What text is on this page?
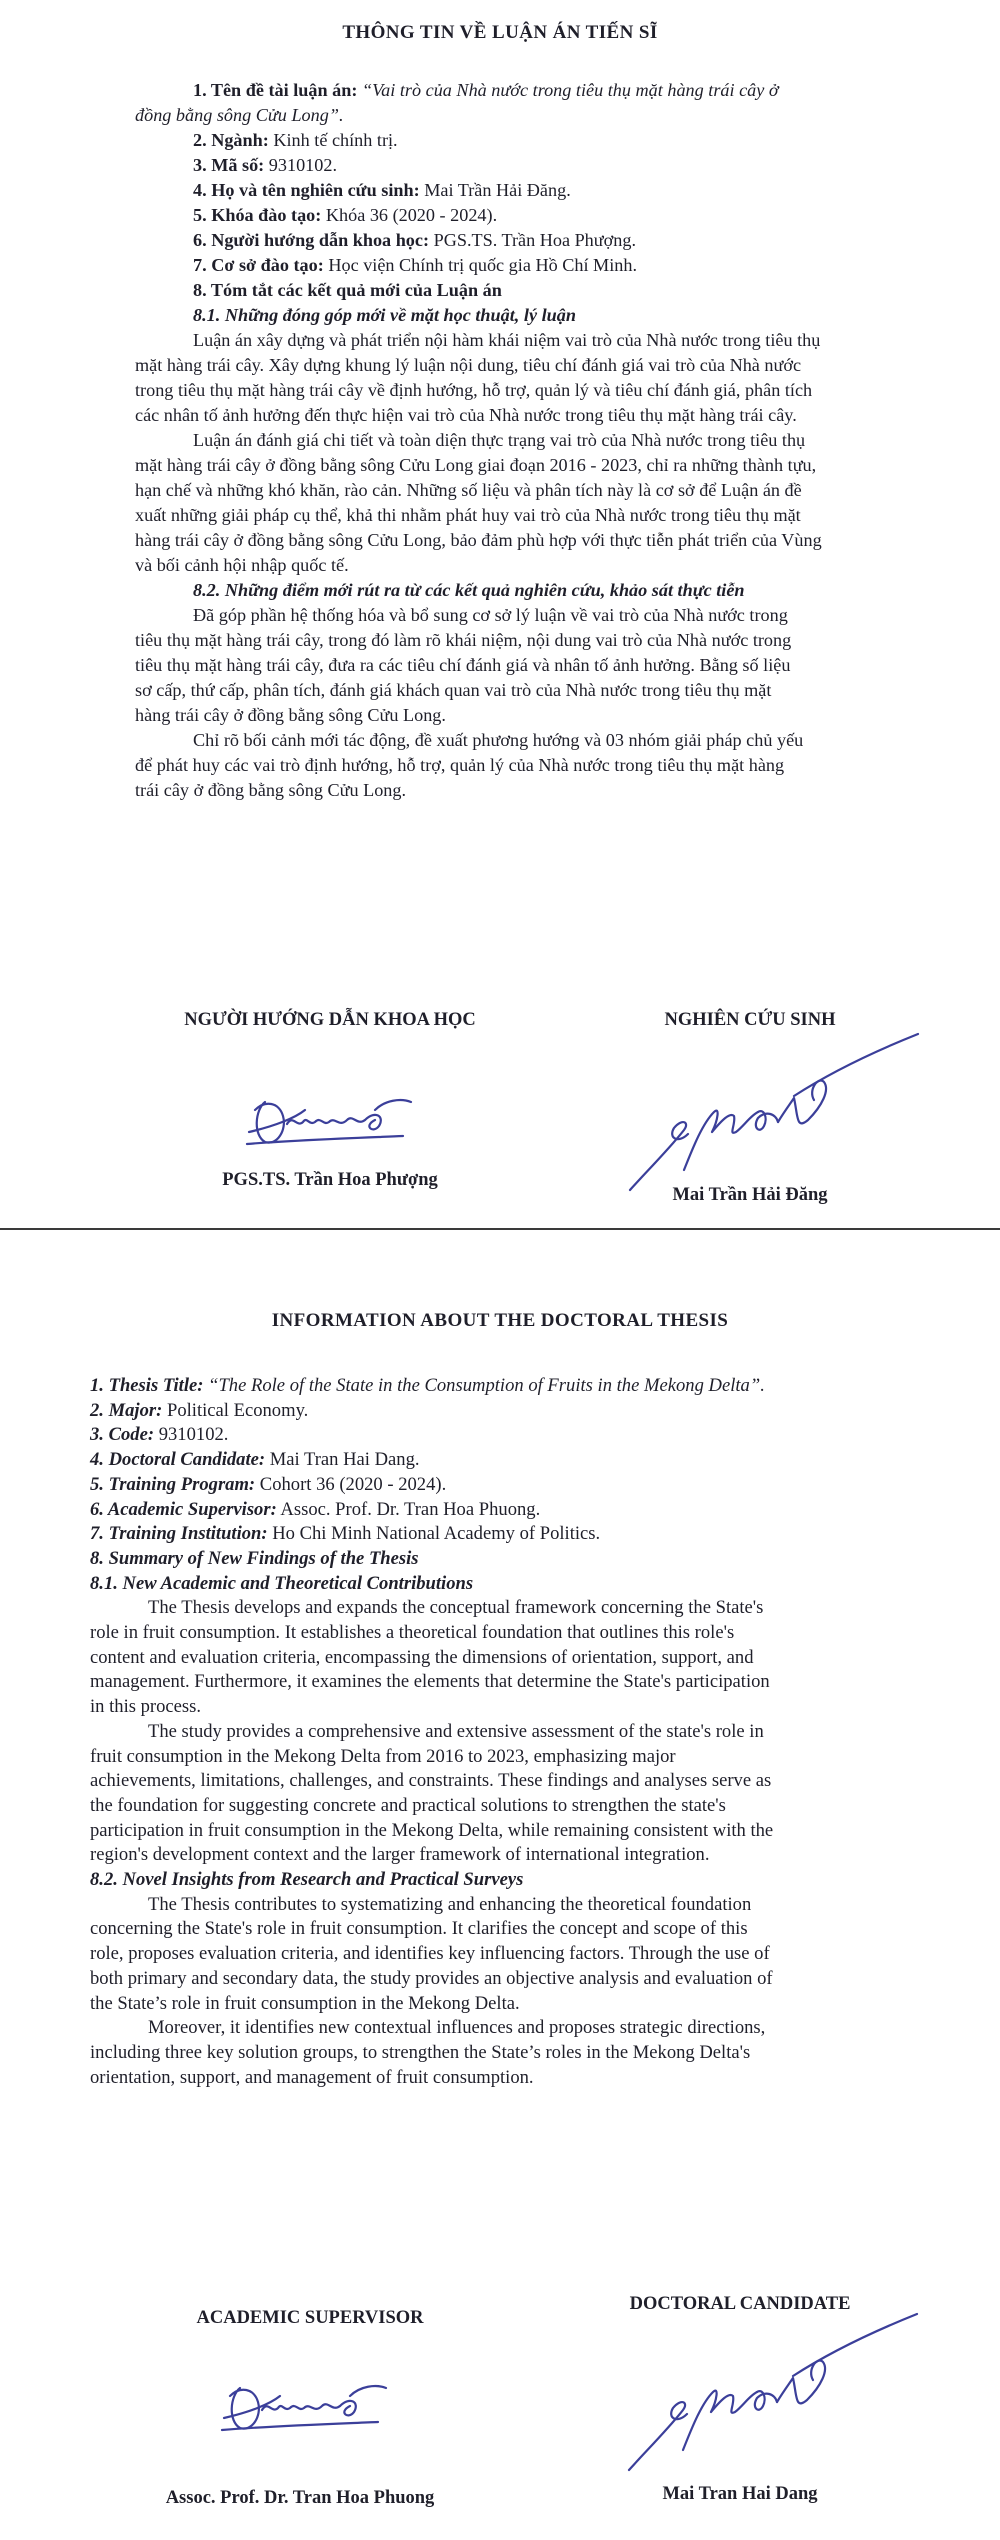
THÔNG TIN VỀ LUẬN ÁN TIẾN SĨ

1. Tên đề tài luận án: “Vai trò của Nhà nước trong tiêu thụ mặt hàng trái cây ở

đồng bằng sông Cửu Long”.

2. Ngành: Kinh tế chính trị.

3. Mã số: 9310102.

4. Họ và tên nghiên cứu sinh: Mai Trần Hải Đăng.

5. Khóa đào tạo: Khóa 36 (2020 - 2024).

6. Người hướng dẫn khoa học: PGS.TS. Trần Hoa Phượng.

7. Cơ sở đào tạo: Học viện Chính trị quốc gia Hồ Chí Minh.

8. Tóm tắt các kết quả mới của Luận án

8.1. Những đóng góp mới về mặt học thuật, lý luận

Luận án xây dựng và phát triển nội hàm khái niệm vai trò của Nhà nước trong tiêu thụ

mặt hàng trái cây. Xây dựng khung lý luận nội dung, tiêu chí đánh giá vai trò của Nhà nước

trong tiêu thụ mặt hàng trái cây về định hướng, hỗ trợ, quản lý và tiêu chí đánh giá, phân tích

các nhân tố ảnh hưởng đến thực hiện vai trò của Nhà nước trong tiêu thụ mặt hàng trái cây.

Luận án đánh giá chi tiết và toàn diện thực trạng vai trò của Nhà nước trong tiêu thụ

mặt hàng trái cây ở đồng bằng sông Cửu Long giai đoạn 2016 - 2023, chỉ ra những thành tựu,

hạn chế và những khó khăn, rào cản. Những số liệu và phân tích này là cơ sở để Luận án đề

xuất những giải pháp cụ thể, khả thi nhằm phát huy vai trò của Nhà nước trong tiêu thụ mặt

hàng trái cây ở đồng bằng sông Cửu Long, bảo đảm phù hợp với thực tiễn phát triển của Vùng

và bối cảnh hội nhập quốc tế.

8.2. Những điểm mới rút ra từ các kết quả nghiên cứu, khảo sát thực tiễn

Đã góp phần hệ thống hóa và bổ sung cơ sở lý luận về vai trò của Nhà nước trong

tiêu thụ mặt hàng trái cây, trong đó làm rõ khái niệm, nội dung vai trò của Nhà nước trong

tiêu thụ mặt hàng trái cây, đưa ra các tiêu chí đánh giá và nhân tố ảnh hưởng. Bằng số liệu

sơ cấp, thứ cấp, phân tích, đánh giá khách quan vai trò của Nhà nước trong tiêu thụ mặt

hàng trái cây ở đồng bằng sông Cửu Long.

Chỉ rõ bối cảnh mới tác động, đề xuất phương hướng và 03 nhóm giải pháp chủ yếu

để phát huy các vai trò định hướng, hỗ trợ, quản lý của Nhà nước trong tiêu thụ mặt hàng

trái cây ở đồng bằng sông Cửu Long.

NGƯỜI HƯỚNG DẪN KHOA HỌC	NGHIÊN CỨU SINH
PGS.TS. Trần Hoa Phượng
Mai Trần Hải Đăng
INFORMATION ABOUT THE DOCTORAL THESIS

1. Thesis Title: “The Role of the State in the Consumption of Fruits in the Mekong Delta”.

2. Major: Political Economy.

3. Code: 9310102.

4. Doctoral Candidate: Mai Tran Hai Dang.

5. Training Program: Cohort 36 (2020 - 2024).

6. Academic Supervisor: Assoc. Prof. Dr. Tran Hoa Phuong.

7. Training Institution: Ho Chi Minh National Academy of Politics.

8. Summary of New Findings of the Thesis

8.1. New Academic and Theoretical Contributions

The Thesis develops and expands the conceptual framework concerning the State's

role in fruit consumption. It establishes a theoretical foundation that outlines this role's

content and evaluation criteria, encompassing the dimensions of orientation, support, and

management. Furthermore, it examines the elements that determine the State's participation

in this process.

The study provides a comprehensive and extensive assessment of the state's role in

fruit consumption in the Mekong Delta from 2016 to 2023, emphasizing major

achievements, limitations, challenges, and constraints. These findings and analyses serve as

the foundation for suggesting concrete and practical solutions to strengthen the state's

participation in fruit consumption in the Mekong Delta, while remaining consistent with the

region's development context and the larger framework of international integration.

8.2. Novel Insights from Research and Practical Surveys

The Thesis contributes to systematizing and enhancing the theoretical foundation

concerning the State's role in fruit consumption. It clarifies the concept and scope of this

role, proposes evaluation criteria, and identifies key influencing factors. Through the use of

both primary and secondary data, the study provides an objective analysis and evaluation of

the State’s role in fruit consumption in the Mekong Delta.

Moreover, it identifies new contextual influences and proposes strategic directions,

including three key solution groups, to strengthen the State’s roles in the Mekong Delta's

orientation, support, and management of fruit consumption.

ACADEMIC SUPERVISOR
DOCTORAL CANDIDATE
Assoc. Prof. Dr. Tran Hoa Phuong	Mai Tran Hai Dang
